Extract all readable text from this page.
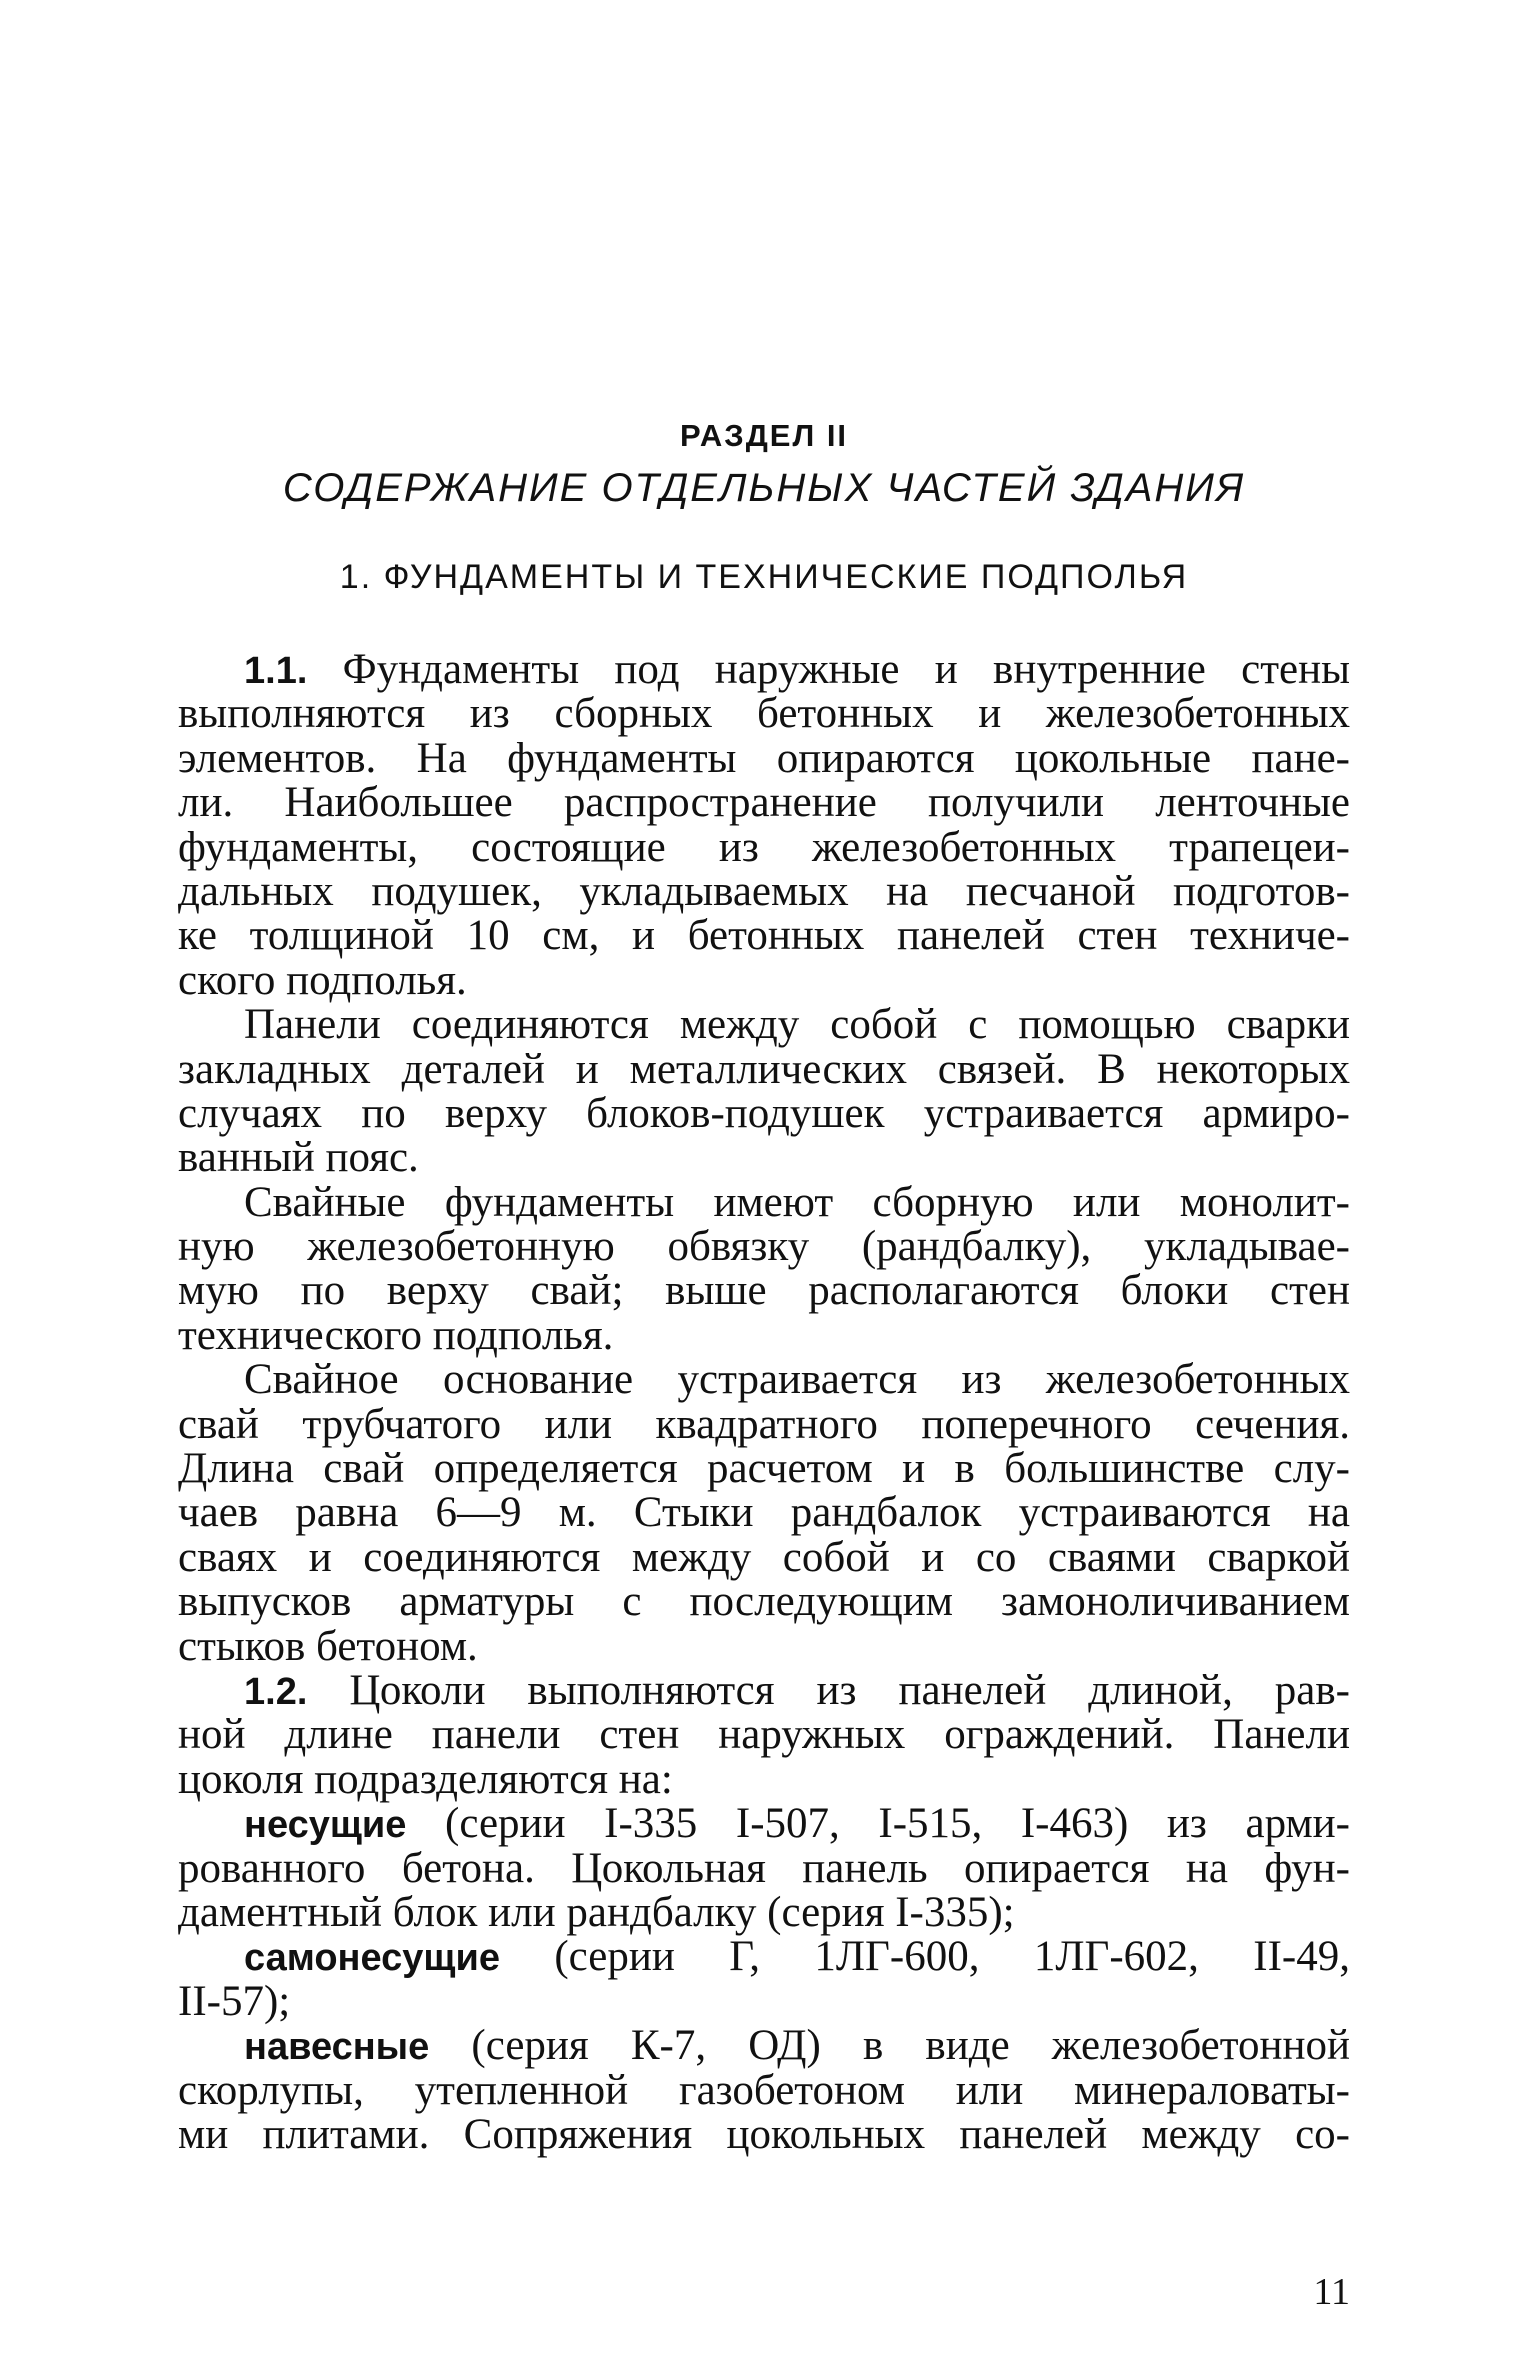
РАЗДЕЛ II
СОДЕРЖАНИЕ ОТДЕЛЬНЫХ ЧАСТЕЙ ЗДАНИЯ
1. ФУНДАМЕНТЫ И ТЕХНИЧЕСКИЕ ПОДПОЛЬЯ
1.1. Фундаменты под наружные и внутренние стены
выполняются из сборных бетонных и железобетонных
элементов. На фундаменты опираются цокольные пане-
ли. Наибольшее распространение получили ленточные
фундаменты, состоящие из железобетонных трапецеи-
дальных подушек, укладываемых на песчаной подготов-
ке толщиной 10 см, и бетонных панелей стен техниче-
ского подполья.
Панели соединяются между собой с помощью сварки
закладных деталей и металлических связей. В некоторых
случаях по верху блоков-подушек устраивается армиро-
ванный пояс.
Свайные фундаменты имеют сборную или монолит-
ную железобетонную обвязку (рандбалку), укладывае-
мую по верху свай; выше располагаются блоки стен
технического подполья.
Свайное основание устраивается из железобетонных
свай трубчатого или квадратного поперечного сечения.
Длина свай определяется расчетом и в большинстве слу-
чаев равна 6—9 м. Стыки рандбалок устраиваются на
сваях и соединяются между собой и со сваями сваркой
выпусков арматуры с последующим замоноличиванием
стыков бетоном.
1.2. Цоколи выполняются из панелей длиной, рав-
ной длине панели стен наружных ограждений. Панели
цоколя подразделяются на:
несущие (серии I-335 I-507, I-515, I-463) из арми-
рованного бетона. Цокольная панель опирается на фун-
даментный блок или рандбалку (серия I-335);
самонесущие (серии Г, 1ЛГ-600, 1ЛГ-602, II-49,
II-57);
навесные (серия К-7, ОД) в виде железобетонной
скорлупы, утепленной газобетоном или минераловаты-
ми плитами. Сопряжения цокольных панелей между со-
11
